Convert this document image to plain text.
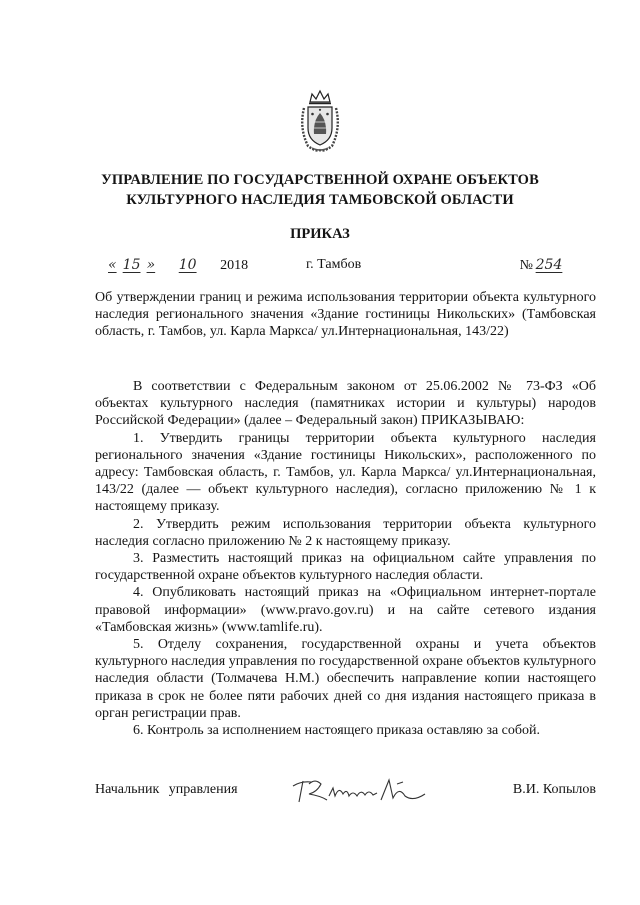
УПРАВЛЕНИЕ ПО ГОСУДАРСТВЕННОЙ ОХРАНЕ ОБЪЕКТОВ
КУЛЬТУРНОГО НАСЛЕДИЯ ТАМБОВСКОЙ ОБЛАСТИ
ПРИКАЗ
« 15 » 10 2018	г. Тамбов	№ 254
Об утверждении границ и режима использования территории объекта культурного наследия регионального значения «Здание гостиницы Никольских» (Тамбовская область, г. Тамбов, ул. Карла Маркса/ ул.Интернациональная, 143/22)

В соответствии с Федеральным законом от 25.06.2002 № 73-ФЗ «Об объектах культурного наследия (памятниках истории и культуры) народов Российской Федерации» (далее – Федеральный закон) ПРИКАЗЫВАЮ:

1. Утвердить границы территории объекта культурного наследия регионального значения «Здание гостиницы Никольских», расположенного по адресу: Тамбовская область, г. Тамбов, ул. Карла Маркса/ ул.Интернациональная, 143/22 (далее — объект культурного наследия), согласно приложению № 1 к настоящему приказу.

2. Утвердить режим использования территории объекта культурного наследия согласно приложению № 2 к настоящему приказу.

3. Разместить настоящий приказ на официальном сайте управления по государственной охране объектов культурного наследия области.

4. Опубликовать настоящий приказ на «Официальном интернет-портале правовой информации» (www.pravo.gov.ru) и на сайте сетевого издания «Тамбовская жизнь» (www.tamlife.ru).

5. Отделу сохранения, государственной охраны и учета объектов культурного наследия управления по государственной охране объектов культурного наследия области (Толмачева Н.М.) обеспечить направление копии настоящего приказа в срок не более пяти рабочих дней со дня издания настоящего приказа в орган регистрации прав.

6. Контроль за исполнением настоящего приказа оставляю за собой.

Начальник управления	В.И. Копылов
